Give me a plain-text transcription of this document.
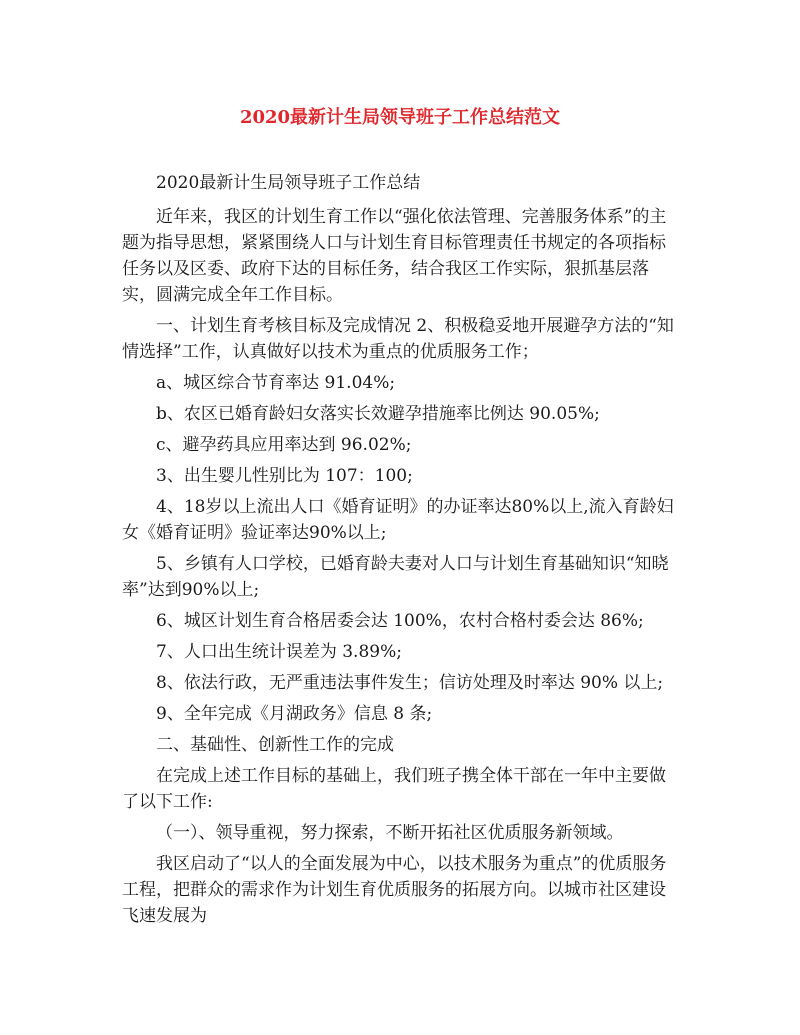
2020最新计生局领导班子工作总结范文

2020最新计生局领导班子工作总结

近年来，我区的计划生育工作以“强化依法管理、完善服务体系”的主题为指导思想，紧紧围绕人口与计划生育目标管理责任书规定的各项指标任务以及区委、政府下达的目标任务，结合我区工作实际，狠抓基层落实，圆满完成全年工作目标。

一、计划生育考核目标及完成情况 2、积极稳妥地开展避孕方法的“知情选择”工作，认真做好以技术为重点的优质服务工作；

a、城区综合节育率达 91.04%;

b、农区已婚育龄妇女落实长效避孕措施率比例达 90.05%;

c、避孕药具应用率达到 96.02%;

3、出生婴儿性别比为 107：100;

4、18岁以上流出人口《婚育证明》的办证率达80%以上,流入育龄妇女《婚育证明》验证率达90%以上;

5、乡镇有人口学校，已婚育龄夫妻对人口与计划生育基础知识“知晓率”达到90%以上;

6、城区计划生育合格居委会达 100%，农村合格村委会达 86%;

7、人口出生统计误差为 3.89%;

8、依法行政，无严重违法事件发生；信访处理及时率达 90% 以上;

9、全年完成《月湖政务》信息 8 条;

二、基础性、创新性工作的完成

在完成上述工作目标的基础上，我们班子携全体干部在一年中主要做了以下工作:

（一）、领导重视，努力探索，不断开拓社区优质服务新领域。

我区启动了“以人的全面发展为中心，以技术服务为重点”的优质服务工程，把群众的需求作为计划生育优质服务的拓展方向。以城市社区建设飞速发展为
